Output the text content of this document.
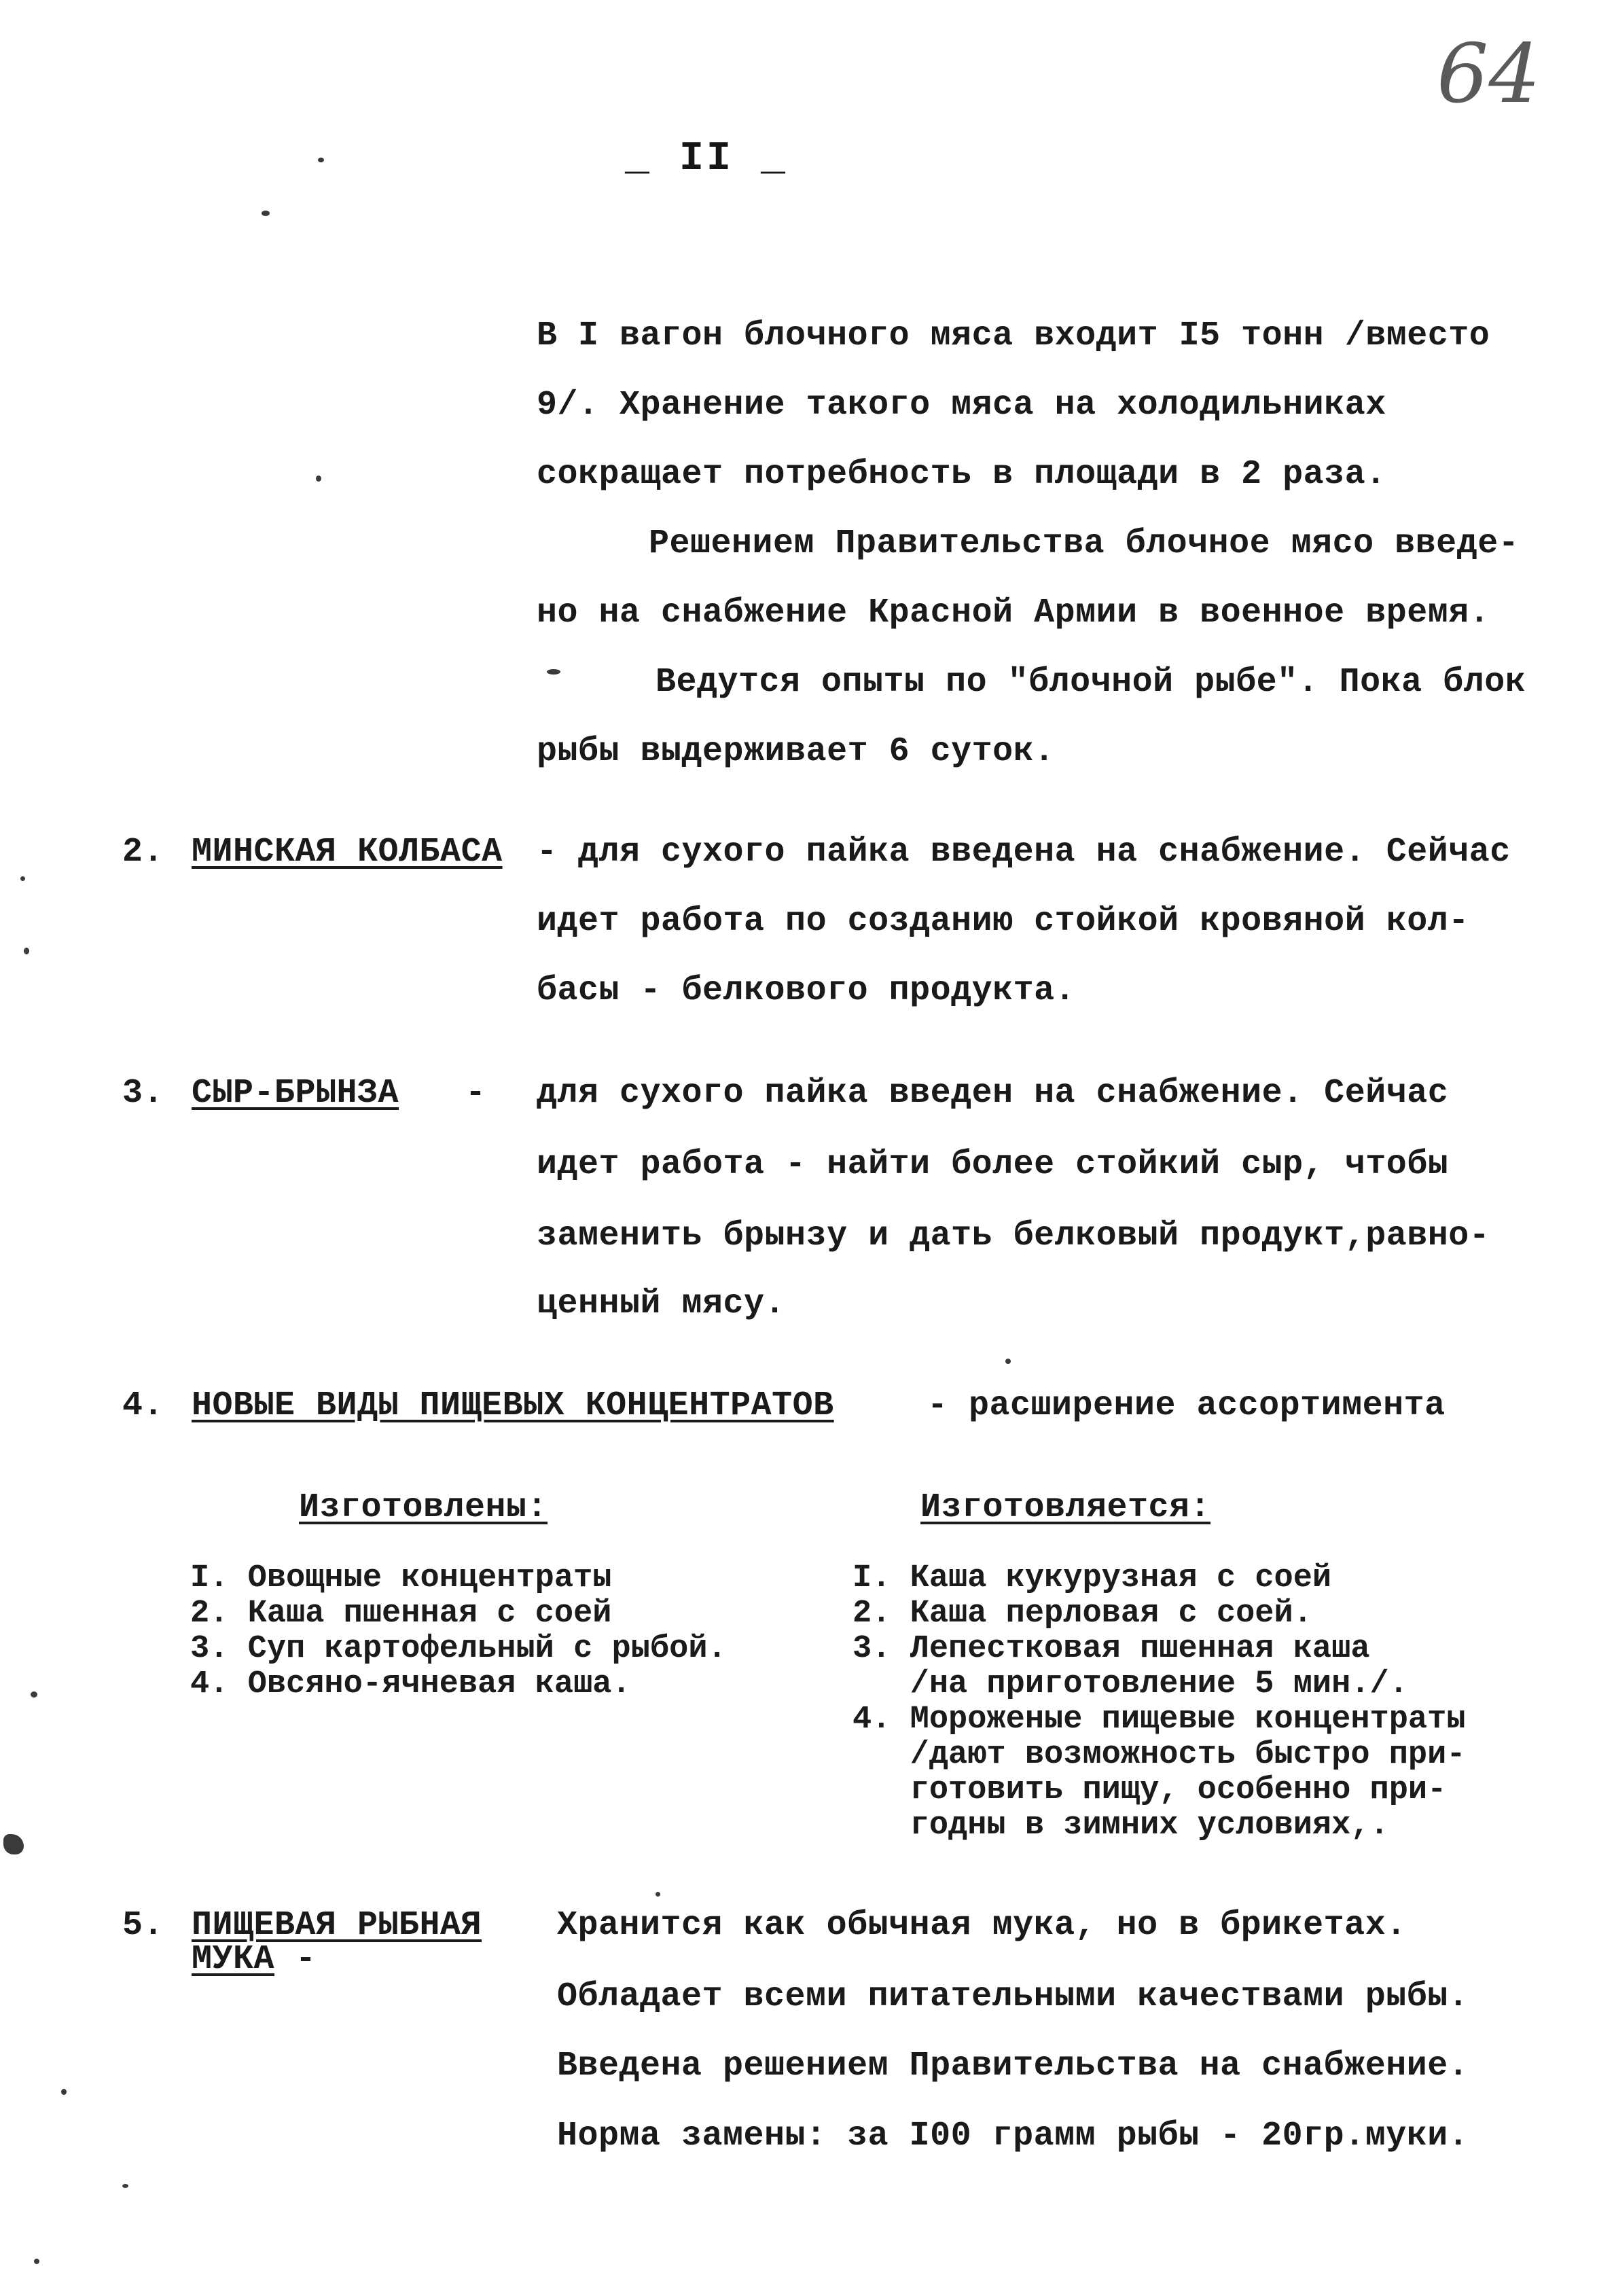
64
_ II _
В I вагон блочного мяса входит I5 тонн /вместо
9/. Хранение такого мяса на холодильниках
сокращает потребность в площади в 2 раза.
Решением Правительства блочное мясо введе-
но на снабжение Красной Армии в военное время.
Ведутся опыты по "блочной рыбе". Пока блок
рыбы выдерживает 6 суток.
2. МИНСКАЯ КОЛБАСА - для сухого пайка введена на снабжение. Сейчас
идет работа по созданию стойкой кровяной кол-
басы - белкового продукта.
3. СЫР-БРЫНЗА - для сухого пайка введен на снабжение. Сейчас
идет работа - найти более стойкий сыр, чтобы
заменить брынзу и дать белковый продукт,равно-
ценный мясу.
4. НОВЫЕ ВИДЫ ПИЩЕВЫХ КОНЦЕНТРАТОВ	- расширение ассортимента
Изготовлены:
I. Овощные концентраты
2. Каша пшенная с соей
3. Суп картофельный с рыбой.
4. Овсяно-ячневая каша.
Изготовляется:
I. Каша кукурузная с соей
2. Каша перловая с соей.
3. Лепестковая пшенная каша
/на приготовление 5 мин./.
4. Мороженые пищевые концентраты
/дают возможность быстро при-
готовить пищу, особенно при-
годны в зимних условиях,.
5. ПИЩЕВАЯ РЫБНАЯ
МУКА -
Хранится как обычная мука, но в брикетах.
Обладает всеми питательными качествами рыбы.
Введена решением Правительства на снабжение.
Норма замены: за I00 грамм рыбы - 20гр.муки.
